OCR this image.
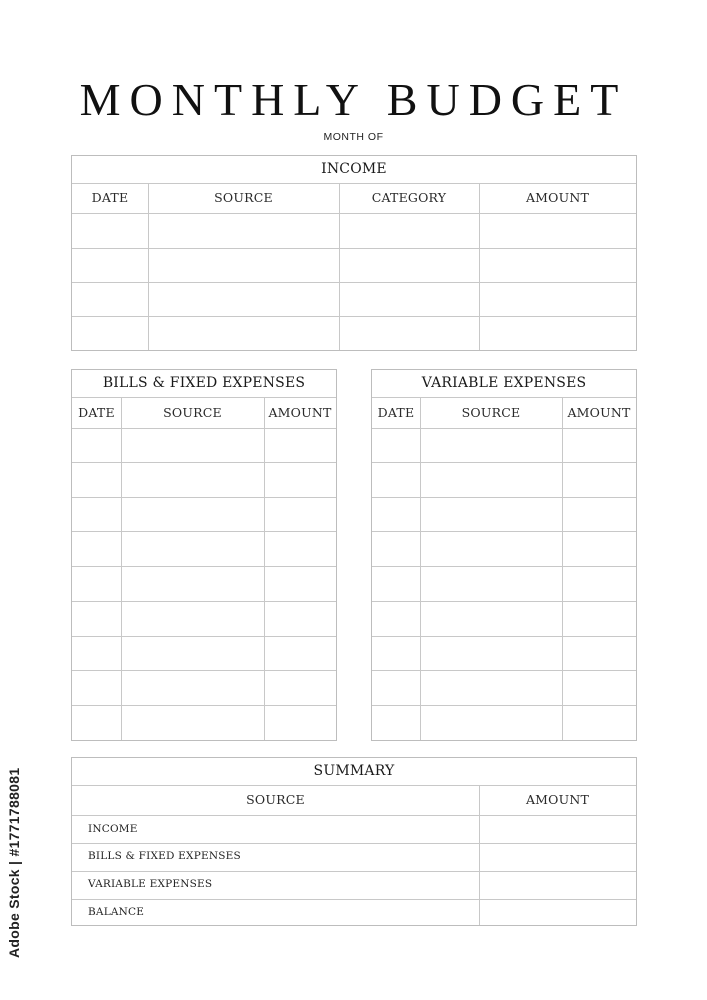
MONTHLY BUDGET
MONTH OF
INCOME
DATE	SOURCE	CATEGORY	AMOUNT
BILLS & FIXED EXPENSES
DATE	SOURCE	AMOUNT
VARIABLE EXPENSES
DATE	SOURCE	AMOUNT
SUMMARY
SOURCE	AMOUNT
INCOME
BILLS & FIXED EXPENSES
VARIABLE EXPENSES
BALANCE
Adobe Stock | #1771788081
